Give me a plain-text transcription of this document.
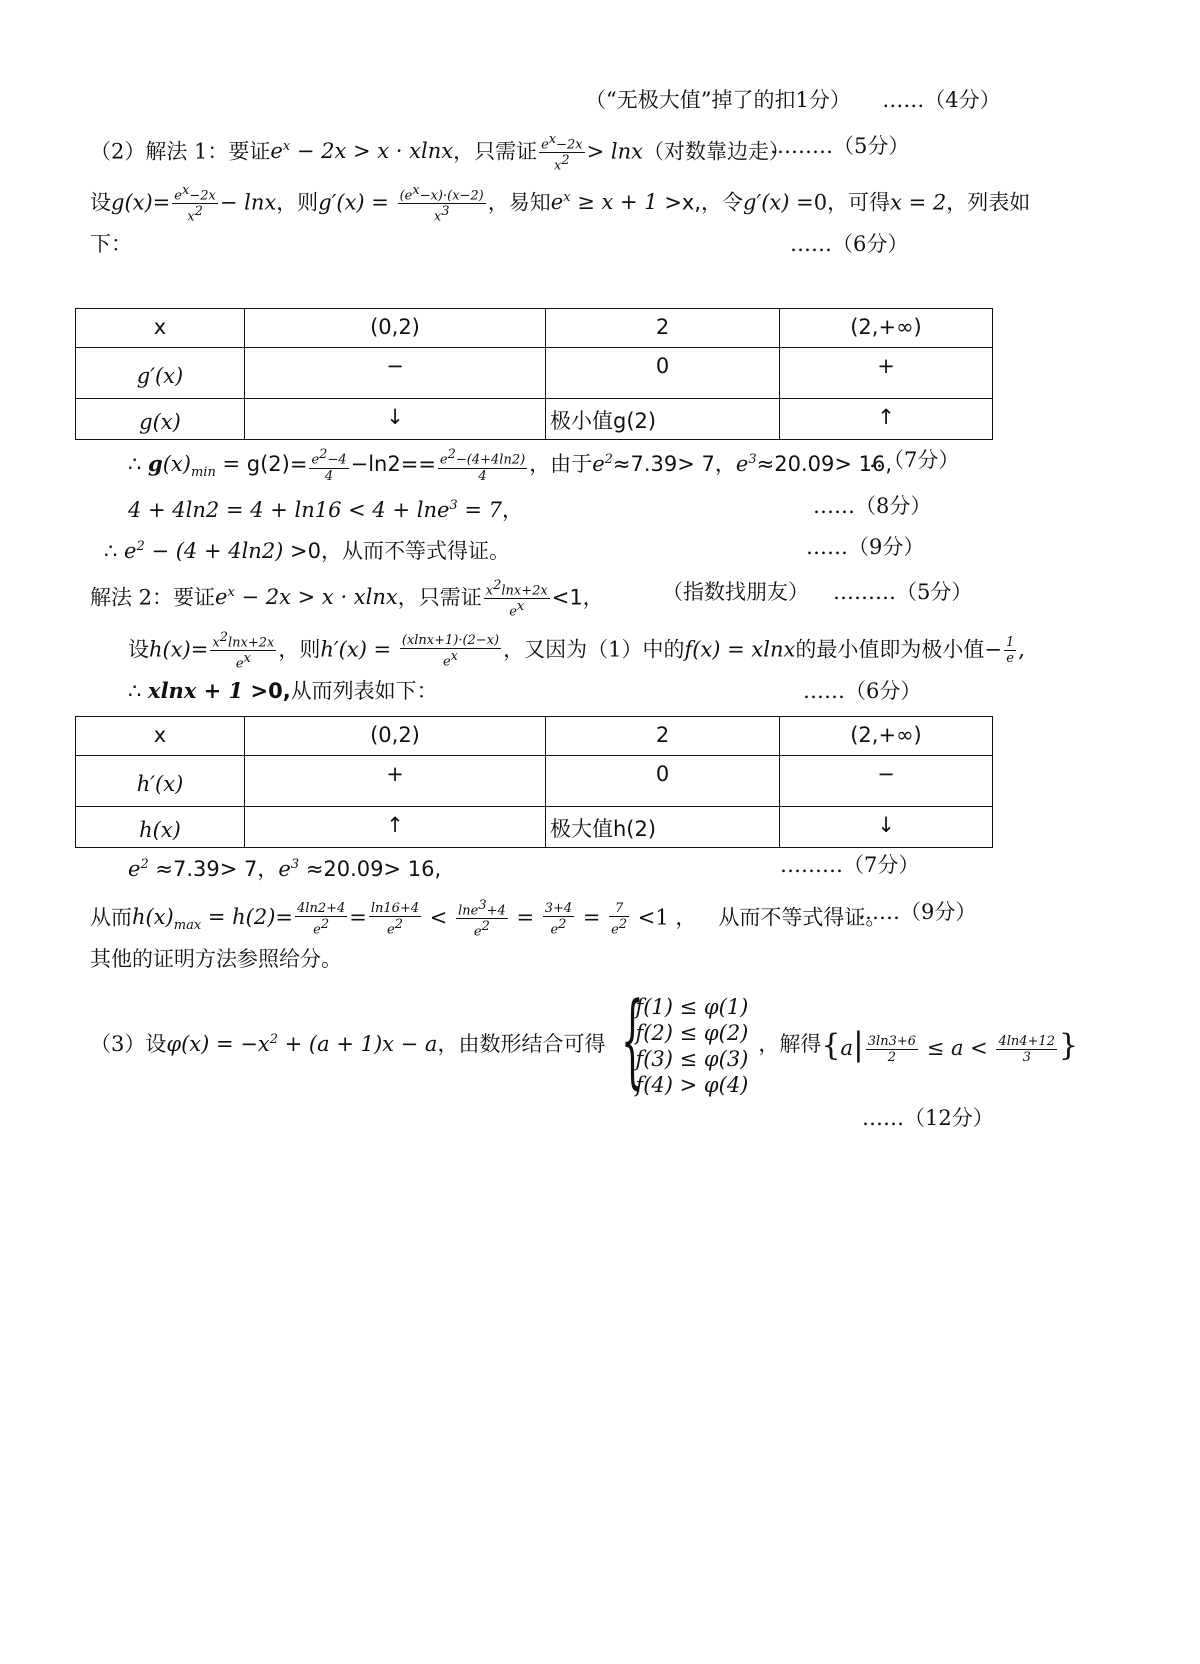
（“无极大值”掉了的扣1分） ……（4分）
（2）解法 1：要证$e^x - 2x > x \cdot xlnx$，只需证 $\frac{e^x-2x}{x^2} > \ln x$（对数靠边走）
………（5分）
设$g(x)= \frac{e^x-2x}{x^2} - \ln x$，则$g'(x) = \frac{(e^x-x)\cdot(x-2)}{x^3}$ ，易知$e^x \ge x + 1 >x$,，令g′(x) =0，可得x = 2，列表如
下：	……（6分）
x	(0,2)	2	(2,+∞)
g′(x)	−	0	+
g(x)	↓	极小值g(2)	↑
∴ $g(x)_{min} = g(2)= \frac{e^2-4}{4} -\ln 2== \frac{e^2-(4+4\ln 2)}{4}$ ，由于$e^2\approx 7.39> 7$，$e^3\approx 20.09> 16$,
…（7分）
4 + 4ln2 = 4 + ln16 < 4 + lne$^3$ = 7，	……（8分）
∴ $e^2 - (4 + 4\ln 2) >0$，从而不等式得证。	……（9分）
解法 2：要证$e^x - 2x > x \cdot xlnx$，只需证 $\frac{x^2\ln x+2x}{e^x} <1$，	（指数找朋友） ………（5分）
设$h(x)= \frac{x^2\ln x+2x}{e^x}$ ，则$h'(x) = \frac{(xlnx+1)\cdot(2-x)}{e^x}$ ，又因为（1）中的f(x) = xlnx的最小值即为极小值− $\frac{1}{e}$ ,
∴ xlnx + 1 >0,从而列表如下：	……（6分）
x	(0,2)	2	(2,+∞)
h′(x)	+	0	−
h(x)	↑	极大值h(2)	↓
$e^2 \approx 7.39> 7$，$e^3 \approx 20.09> 16$,	………（7分）
从而$h(x)_{max} = h(2)= \frac{4\ln 2+4}{e^2} = \frac{\ln 16+4}{e^2} < \frac{\ln e^3+4}{e^2} = \frac{3+4}{e^2} = \frac{7}{e^2} <1$ ， 从而不等式得证。
……（9分）
其他的证明方法参照给分。
（3）设$\varphi(x) = -x^2 + (a + 1)x - a$，由数形结合可得 {
f(1) ≤ φ(1)
f(2) ≤ φ(2)
f(3) ≤ φ(3)
f(4) > φ(4)
，解得{$a| \frac{3\ln 3+6}{2} \le a < \frac{4\ln 4+12}{3}$ }
……（12分）
